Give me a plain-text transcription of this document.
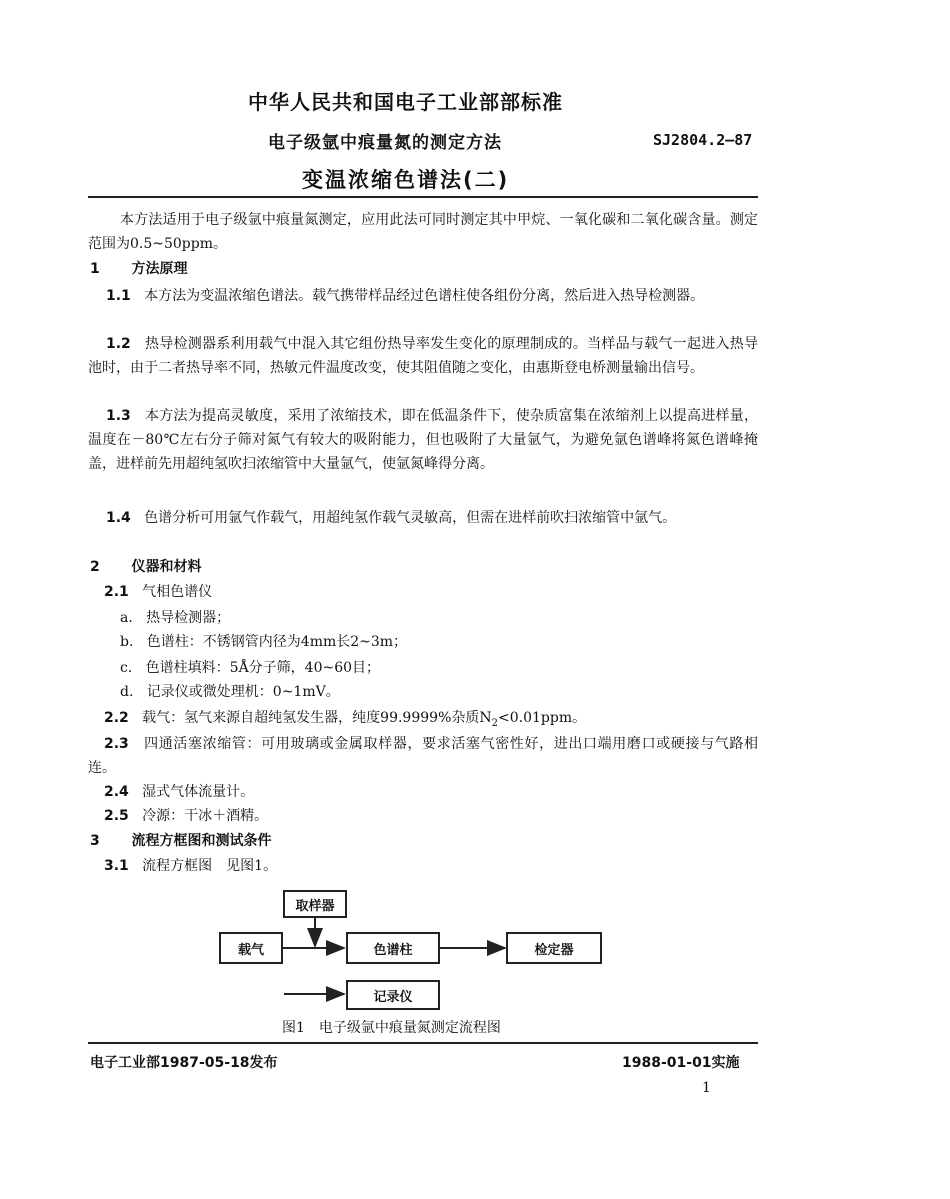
中华人民共和国电子工业部部标准
电子级氩中痕量氮的测定方法	SJ2804.2—87
变温浓缩色谱法(二)
本方法适用于电子级氩中痕量氮测定，应用此法可同时测定其中甲烷、一氧化碳和二氧化碳含量。测定范围为0.5~50ppm。
1 方法原理
1.1 本方法为变温浓缩色谱法。载气携带样品经过色谱柱使各组份分离，然后进入热导检测器。
1.2 热导检测器系利用载气中混入其它组份热导率发生变化的原理制成的。当样品与载气一起进入热导池时，由于二者热导率不同，热敏元件温度改变，使其阻值随之变化，由惠斯登电桥测量输出信号。
1.3 本方法为提高灵敏度，采用了浓缩技术，即在低温条件下，使杂质富集在浓缩剂上以提高进样量，温度在－80℃左右分子筛对氮气有较大的吸附能力，但也吸附了大量氩气，为避免氩色谱峰将氮色谱峰掩盖，进样前先用超纯氢吹扫浓缩管中大量氩气，使氩氮峰得分离。
1.4 色谱分析可用氩气作载气，用超纯氢作载气灵敏高，但需在进样前吹扫浓缩管中氩气。
2 仪器和材料
2.1 气相色谱仪
a. 热导检测器；
b. 色谱柱：不锈钢管内径为4mm长2~3m；
c. 色谱柱填料：5Å分子筛，40~60目；
d. 记录仪或微处理机：0~1mV。
2.2 载气：氢气来源自超纯氢发生器，纯度99.9999%杂质$N_2<0.01ppm$。
2.3 四通活塞浓缩管：可用玻璃或金属取样器，要求活塞气密性好，进出口端用磨口或硬接与气路相连。
2.4 湿式气体流量计。
2.5 冷源：干冰＋酒精。
3 流程方框图和测试条件
3.1 流程方框图　见图1。
取样器
载气	色谱柱	检定器
记录仪
图1　电子级氩中痕量氮测定流程图
电子工业部1987-05-18发布	1988-01-01实施
1
